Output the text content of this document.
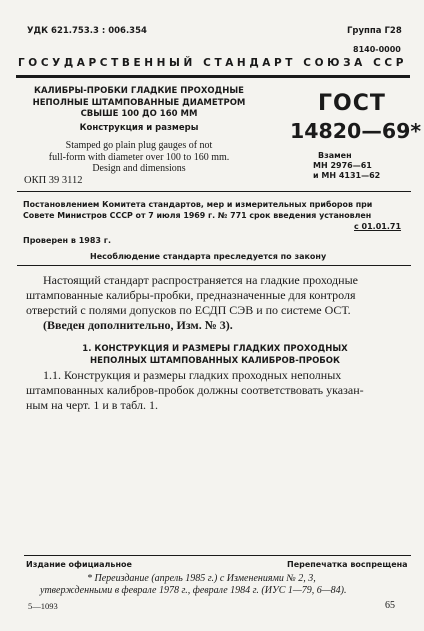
УДК 621.753.3 : 006.354	Группа Г28
8140-0000
ГОСУДАРСТВЕННЫЙ СТАНДАРТ СОЮЗА ССР
КАЛИБРЫ-ПРОБКИ ГЛАДКИЕ ПРОХОДНЫЕ
НЕПОЛНЫЕ ШТАМПОВАННЫЕ ДИАМЕТРОМ
СВЫШЕ 100 ДО 160 ММ
Конструкция и размеры
Stamped go plain plug gauges of not
full-form with diameter over 100 to 160 mm.
Design and dimensions
ОКП 39 3112
ГОСТ
14820—69*
Взамен
МН 2976—61
и МН 4131—62
Постановлением Комитета стандартов, мер и измерительных приборов при
Совете Министров СССР от 7 июля 1969 г. № 771 срок введения установлен
с 01.01.71
Проверен в 1983 г.
Несоблюдение стандарта преследуется по закону
Настоящий стандарт распространяется на гладкие проходные
штампованные калибры-пробки, предназначенные для контроля
отверстий с полями допусков по ЕСДП СЭВ и по системе ОСТ.
(Введен дополнительно, Изм. № 3).
1. КОНСТРУКЦИЯ И РАЗМЕРЫ ГЛАДКИХ ПРОХОДНЫХ
НЕПОЛНЫХ ШТАМПОВАННЫХ КАЛИБРОВ-ПРОБОК
1.1. Конструкция и размеры гладких проходных неполных
штампованных калибров-пробок должны соответствовать указан-
ным на черт. 1 и в табл. 1.
Издание официальное	Перепечатка воспрещена
* Переиздание (апрель 1985 г.) с Изменениями № 2, 3,
утвержденными в феврале 1978 г., феврале 1984 г. (ИУС 1—79, 6—84).
5—1093	65
